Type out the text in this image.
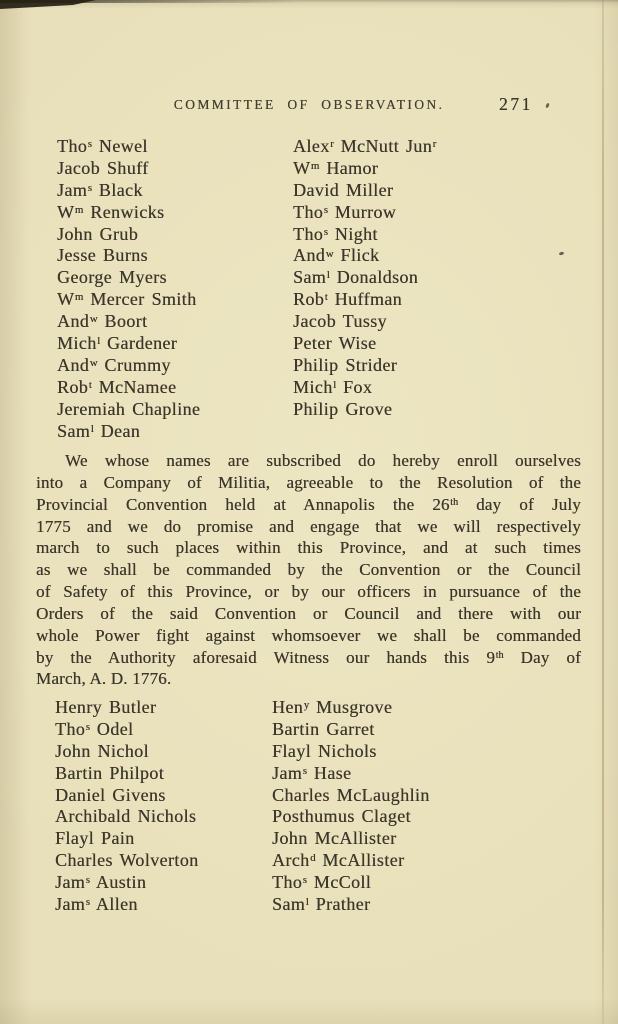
COMMITTEE OF OBSERVATION.	271
Tho$^s$ Newel
Jacob Shuff
Jam$^s$ Black
$W^m$ Renwicks
John Grub
Jesse Burns
George Myers
$W^m$ Mercer Smith
And$^w$ Boort
Mich$^l$ Gardener
And$^w$ Crummy
Rob$^t$ McNamee
Jeremiah Chapline
Sam$^l$ Dean
Alex$^r$ McNutt Jun$^r$
$W^m$ Hamor
David Miller
Tho$^s$ Murrow
Tho$^s$ Night
And$^w$ Flick
Sam$^l$ Donaldson
Rob$^t$ Huffman
Jacob Tussy
Peter Wise
Philip Strider
Mich$^l$ Fox
Philip Grove
We whose names are subscribed do hereby enroll ourselves
into a Company of Militia, agreeable to the Resolution of the
Provincial Convention held at Annapolis the 26th day of July
1775 and we do promise and engage that we will respectively
march to such places within this Province, and at such times
as we shall be commanded by the Convention or the Council
of Safety of this Province, or by our officers in pursuance of the
Orders of the said Convention or Council and there with our
whole Power fight against whomsoever we shall be commanded
by the Authority aforesaid Witness our hands this 9th Day of
March, A. D. 1776.
Henry Butler
Tho$^s$ Odel
John Nichol
Bartin Philpot
Daniel Givens
Archibald Nichols
Flayl Pain
Charles Wolverton
Jam$^s$ Austin
Jam$^s$ Allen
Hen$^y$ Musgrove
Bartin Garret
Flayl Nichols
Jam$^s$ Hase
Charles McLaughlin
Posthumus Claget
John McAllister
Arch$^d$ McAllister
Tho$^s$ McColl
Sam$^l$ Prather
